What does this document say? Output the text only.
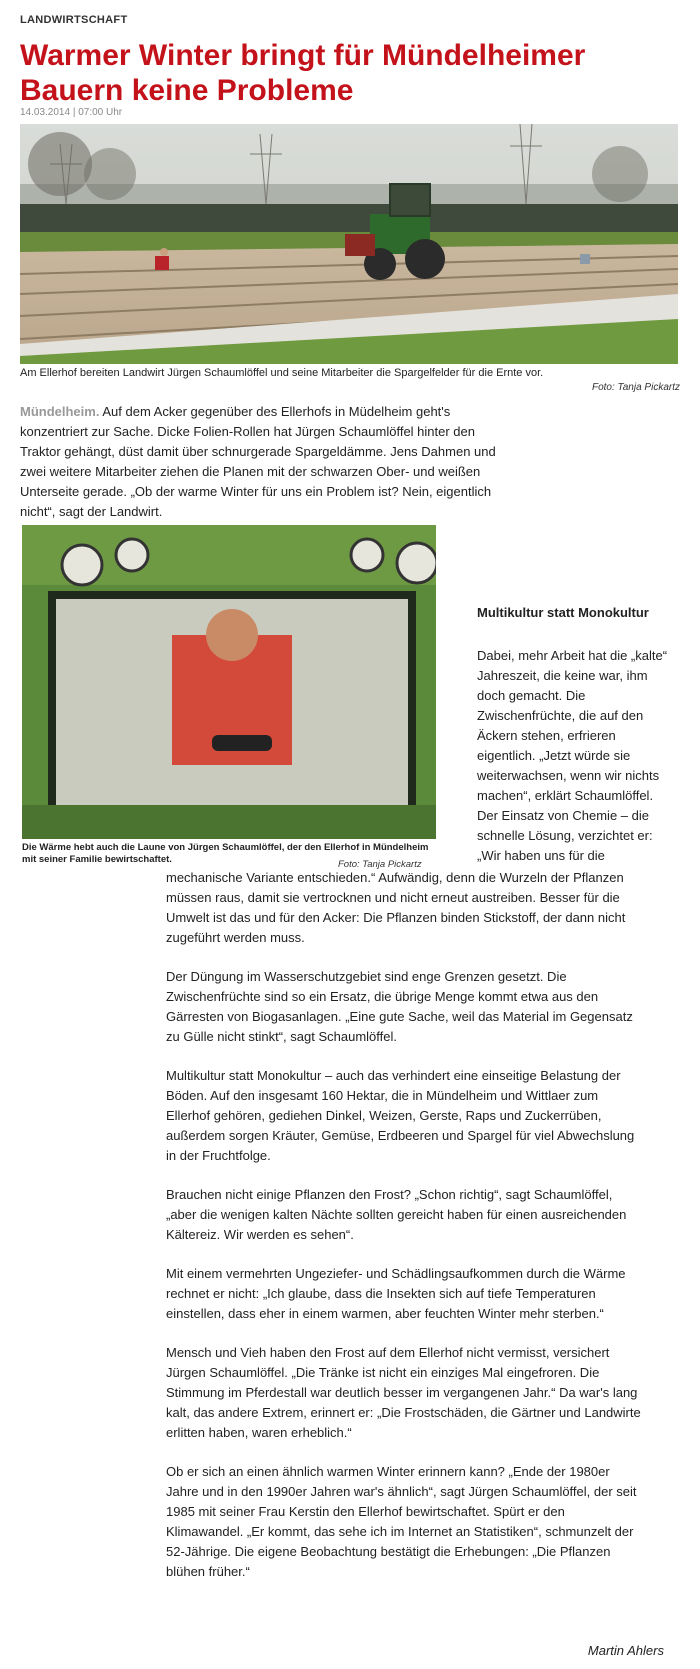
LANDWIRTSCHAFT
Warmer Winter bringt für Mündelheimer Bauern keine Probleme
14.03.2014 | 07:00 Uhr
Am Ellerhof bereiten Landwirt Jürgen Schaumlöffel und seine Mitarbeiter die Spargelfelder für die Ernte vor.
Foto: Tanja Pickartz

Mündelheim. Auf dem Acker gegenüber des Ellerhofs in Müdelheim geht's konzentriert zur Sache. Dicke Folien-Rollen hat Jürgen Schaumlöffel hinter den Traktor gehängt, düst damit über schnurgerade Spargeldämme. Jens Dahmen und zwei weitere Mitarbeiter ziehen die Planen mit der schwarzen Ober- und weißen Unterseite gerade. „Ob der warme Winter für uns ein Problem ist? Nein, eigentlich nicht“, sagt der Landwirt.

Die Wärme hebt auch die Laune von Jürgen Schaumlöffel, der den Ellerhof in Mündelheim mit seiner Familie bewirtschaftet.	Foto: Tanja Pickartz
Multikultur statt Monokultur

Dabei, mehr Arbeit hat die „kalte“ Jahreszeit, die keine war, ihm doch gemacht. Die Zwischenfrüchte, die auf den Äckern stehen, erfrieren eigentlich. „Jetzt würde sie weiterwachsen, wenn wir nichts machen“, erklärt Schaumlöffel. Der Einsatz von Chemie – die schnelle Lösung, verzichtet er: „Wir haben uns für die

mechanische Variante entschieden.“ Aufwändig, denn die Wurzeln der Pflanzen müssen raus, damit sie vertrocknen und nicht erneut austreiben. Besser für die Umwelt ist das und für den Acker: Die Pflanzen binden Stickstoff, der dann nicht zugeführt werden muss.

Der Düngung im Wasserschutzgebiet sind enge Grenzen gesetzt. Die Zwischenfrüchte sind so ein Ersatz, die übrige Menge kommt etwa aus den Gärresten von Biogasanlagen. „Eine gute Sache, weil das Material im Gegensatz zu Gülle nicht stinkt“, sagt Schaumlöffel.

Multikultur statt Monokultur – auch das verhindert eine einseitige Belastung der Böden. Auf den insgesamt 160 Hektar, die in Mündelheim und Wittlaer zum Ellerhof gehören, gediehen Dinkel, Weizen, Gerste, Raps und Zuckerrüben, außerdem sorgen Kräuter, Gemüse, Erdbeeren und Spargel für viel Abwechslung in der Fruchtfolge.

Brauchen nicht einige Pflanzen den Frost? „Schon richtig“, sagt Schaumlöffel, „aber die wenigen kalten Nächte sollten gereicht haben für einen ausreichenden Kältereiz. Wir werden es sehen“.

Mit einem vermehrten Ungeziefer- und Schädlingsaufkommen durch die Wärme rechnet er nicht: „Ich glaube, dass die Insekten sich auf tiefe Temperaturen einstellen, dass eher in einem warmen, aber feuchten Winter mehr sterben.“

Mensch und Vieh haben den Frost auf dem Ellerhof nicht vermisst, versichert Jürgen Schaumlöffel. „Die Tränke ist nicht ein einziges Mal eingefroren. Die Stimmung im Pferdestall war deutlich besser im vergangenen Jahr.“ Da war's lang kalt, das andere Extrem, erinnert er: „Die Frostschäden, die Gärtner und Landwirte erlitten haben, waren erheblich.“

Ob er sich an einen ähnlich warmen Winter erinnern kann? „Ende der 1980er Jahre und in den 1990er Jahren war's ähnlich“, sagt Jürgen Schaumlöffel, der seit 1985 mit seiner Frau Kerstin den Ellerhof bewirtschaftet. Spürt er den Klimawandel. „Er kommt, das sehe ich im Internet an Statistiken“, schmunzelt der 52-Jährige. Die eigene Beobachtung bestätigt die Erhebungen: „Die Pflanzen blühen früher.“

Martin Ahlers
